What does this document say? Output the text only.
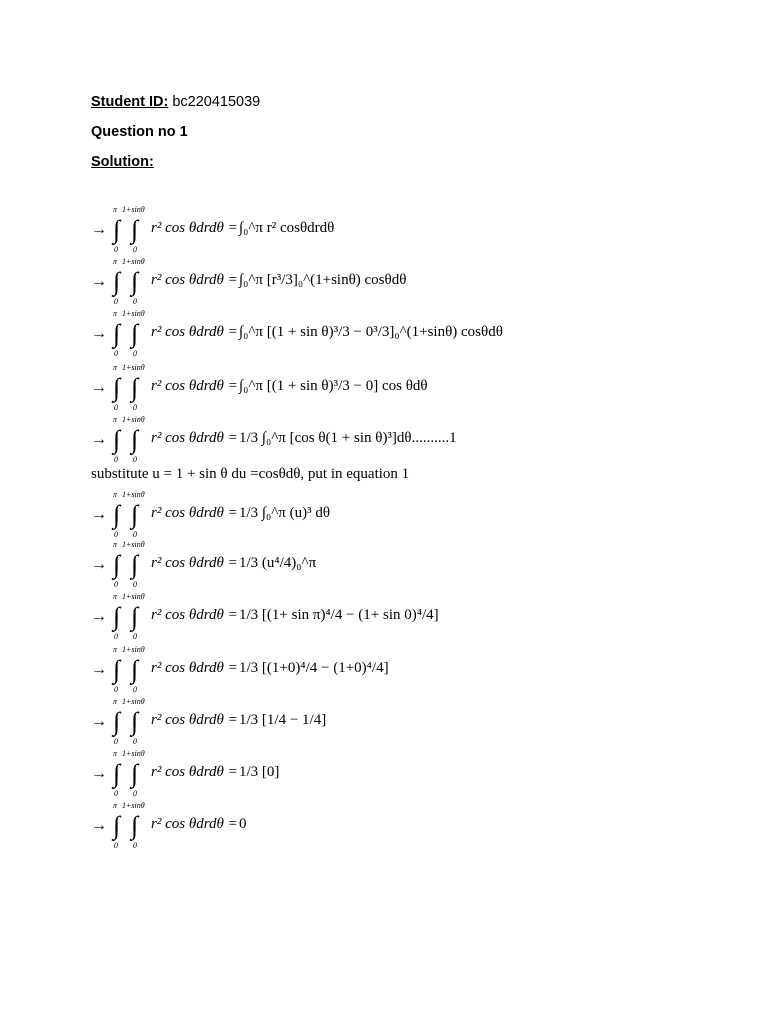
Student ID: bc220415039
Question no 1
Solution:
→
π 1+sinθ
∫ ∫
0 0
r² cos θdrdθ = ∫₀^π r² cosθdrdθ
→
π 1+sinθ
∫ ∫
0 0
r² cos θdrdθ = ∫₀^π [r³/3]₀^(1+sinθ) cosθdθ
→
π 1+sinθ
∫ ∫
0 0
r² cos θdrdθ = ∫₀^π [(1 + sin θ)³/3 − 0³/3]₀^(1+sinθ) cosθdθ
→
π 1+sinθ
∫ ∫
0 0
r² cos θdrdθ = ∫₀^π [(1 + sin θ)³/3 − 0] cos θdθ
→
π 1+sinθ
∫ ∫
0 0
r² cos θdrdθ = 1/3 ∫₀^π [cos θ(1 + sin θ)³]dθ..........1
→
π 1+sinθ
∫ ∫
0 0
r² cos θdrdθ = 1/3 ∫₀^π (u)³ dθ
→
π 1+sinθ
∫ ∫
0 0
r² cos θdrdθ = 1/3 (u⁴/4)₀^π
→
π 1+sinθ
∫ ∫
0 0
r² cos θdrdθ = 1/3 [(1+ sin π)⁴/4 − (1+ sin 0)⁴/4]
→
π 1+sinθ
∫ ∫
0 0
r² cos θdrdθ = 1/3 [(1+0)⁴/4 − (1+0)⁴/4]
→
π 1+sinθ
∫ ∫
0 0
r² cos θdrdθ = 1/3 [1/4 − 1/4]
→
π 1+sinθ
∫ ∫
0 0
r² cos θdrdθ = 1/3 [0]
→
π 1+sinθ
∫ ∫
0 0
r² cos θdrdθ = 0
substitute u = 1 + sin θ du =cosθdθ, put in equation 1
